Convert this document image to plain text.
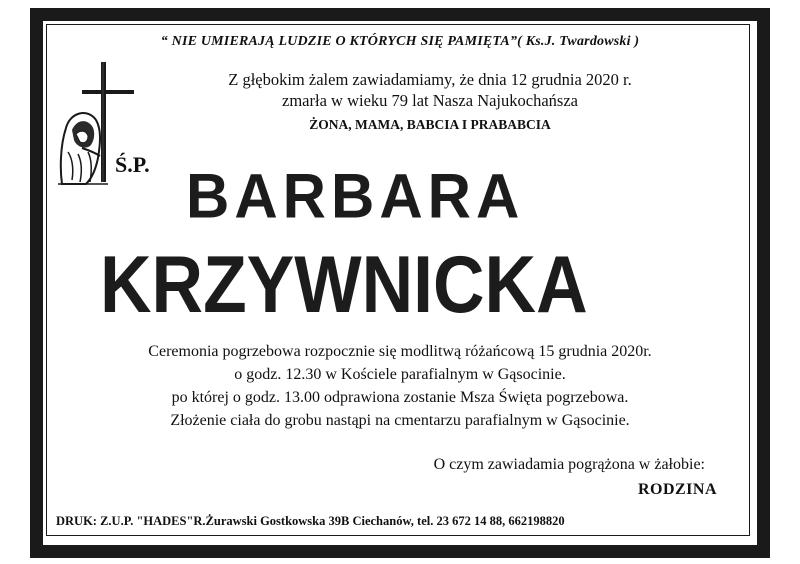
“ NIE UMIERAJĄ LUDZIE O KTÓRYCH SIĘ PAMIĘTA”( Ks.J. Twardowski )
Z głębokim żalem zawiadamiamy, że dnia 12 grudnia 2020 r.
zmarła w wieku 79 lat Nasza Najukochańsza
ŻONA, MAMA, BABCIA I PRABABCIA
Ś.P. BARBARA
KRZYWNICKA
Ceremonia pogrzebowa rozpocznie się modlitwą różańcową 15 grudnia 2020r.
o godz. 12.30 w Kościele parafialnym w Gąsocinie.
po której o godz. 13.00 odprawiona zostanie Msza Święta pogrzebowa.
Złożenie ciała do grobu nastąpi na cmentarzu parafialnym w Gąsocinie.
O czym zawiadamia pogrążona w żałobie:
RODZINA
DRUK: Z.U.P. "HADES"R.Żurawski Gostkowska 39B Ciechanów, tel. 23 672 14 88, 662198820
